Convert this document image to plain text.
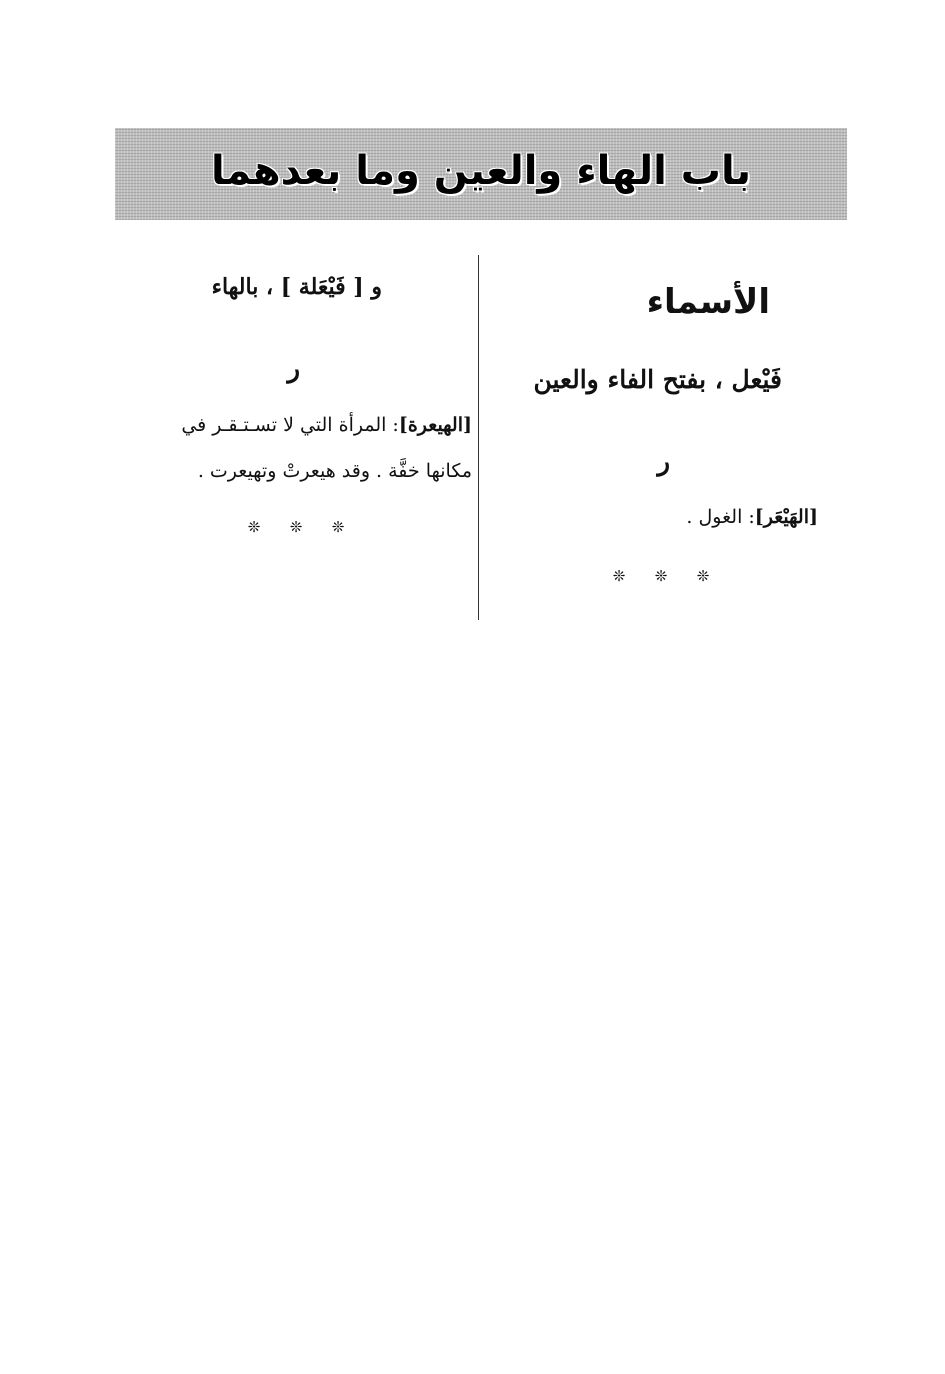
باب الهاء والعين وما بعدهما
الأسماء
فَيْعل ، بفتح الفاء والعين
ر
[الهَيْعَر]: الغول .
❊ ❊ ❊
و [ فَيْعَلة ] ، بالهاء
ر
[الهيعرة]: المرأة التي لا تسـتـقـر في
مكانها خفَّة . وقد هيعرتْ وتهيعرت .
❊ ❊ ❊
